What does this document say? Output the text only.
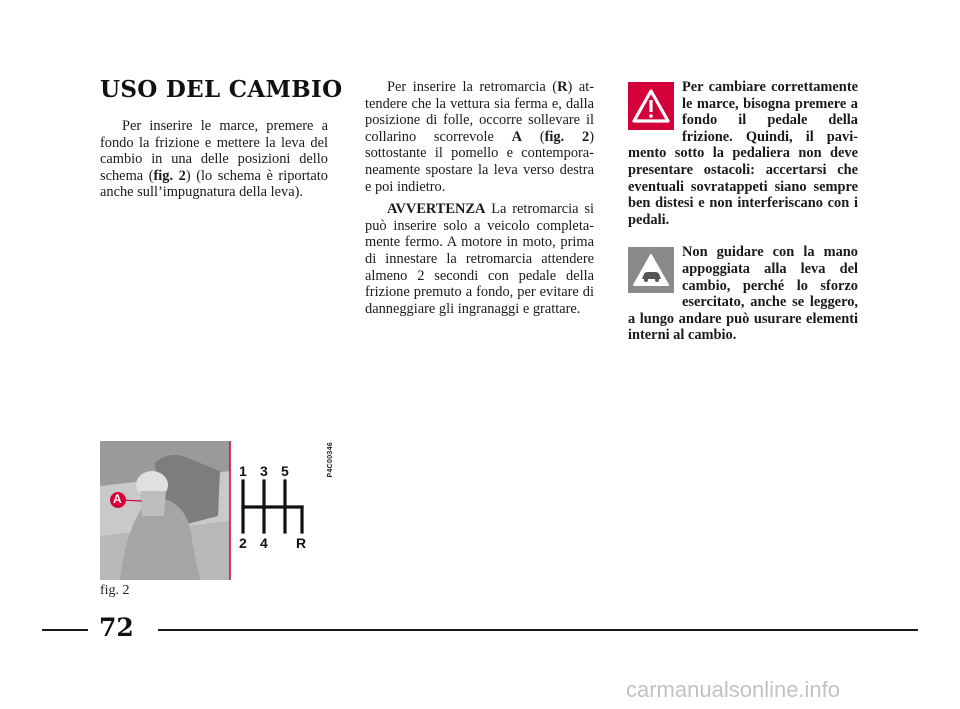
USO DEL CAMBIO

Per inserire le marce, premere a fondo la frizione e mettere la leva del cambio in una delle posizioni dello schema (fig. 2) (lo schema è riportato anche sull’impugnatura della leva).

Per inserire la retromarcia (R) attendere che la vettura sia ferma e, dalla posizione di folle, occorre sollevare il collarino scorrevole A (fig. 2) sottostante il pomello e contemporaneamente spostare la leva verso destra e poi indietro.

AVVERTENZA La retromarcia si può inserire solo a veicolo completamente fermo. A motore in moto, prima di innestare la retromarcia attendere almeno 2 secondi con pedale della frizione premuto a fondo, per evitare di danneggiare gli ingranaggi e grattare.

Per cambiare correttamente le marce, bisogna premere a fondo il pedale della frizione. Quindi, il pavimento sotto la pedaliera non deve presentare ostacoli: accertarsi che eventuali sovratappeti siano sempre ben distesi e non interferiscano con i pedali.

Non guidare con la mano appoggiata alla leva del cambio, perché lo sforzo esercitato, anche se leggero, a lungo andare può usurare elementi interni al cambio.

A
1 3 5
2 4 R
P4C00346
fig. 2
72
carmanualsonline.info
